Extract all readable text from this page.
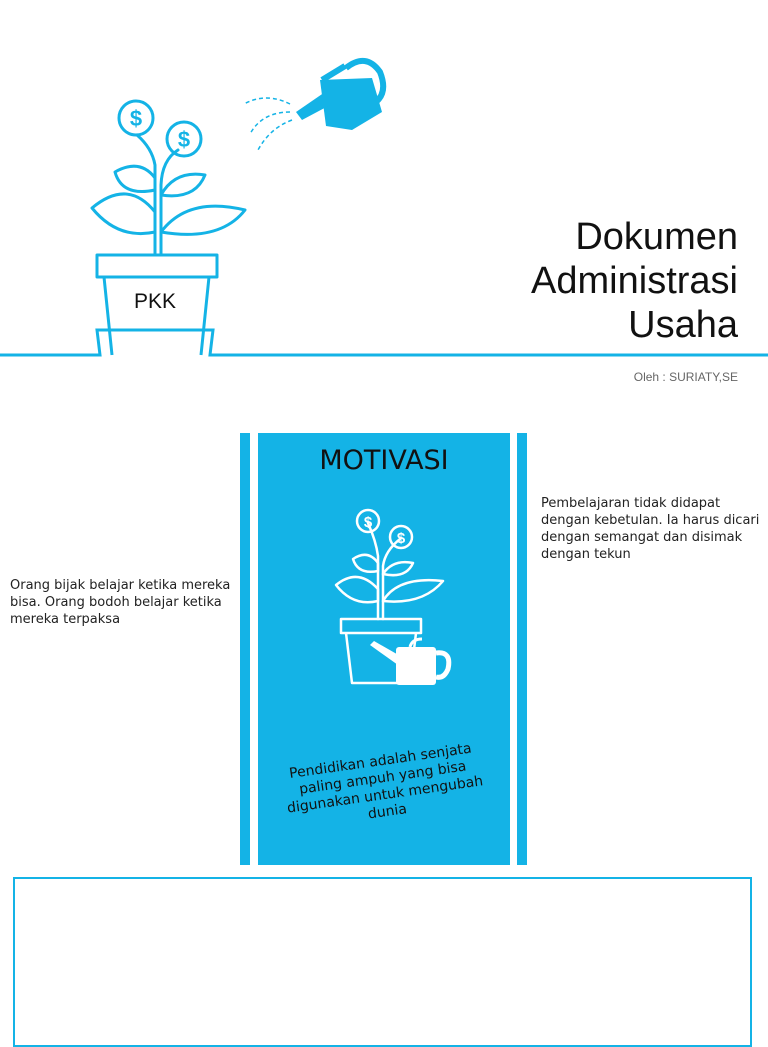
$
$
PKK
Dokumen
Administrasi
Usaha
Oleh : SURIATY,SE
Orang bijak belajar ketika mereka bisa. Orang bodoh belajar ketika mereka terpaksa
Pembelajaran tidak didapat dengan kebetulan. Ia harus dicari dengan semangat dan disimak dengan tekun
MOTIVASI
$
$
Pendidikan adalah senjata paling ampuh yang bisa digunakan untuk mengubah dunia
